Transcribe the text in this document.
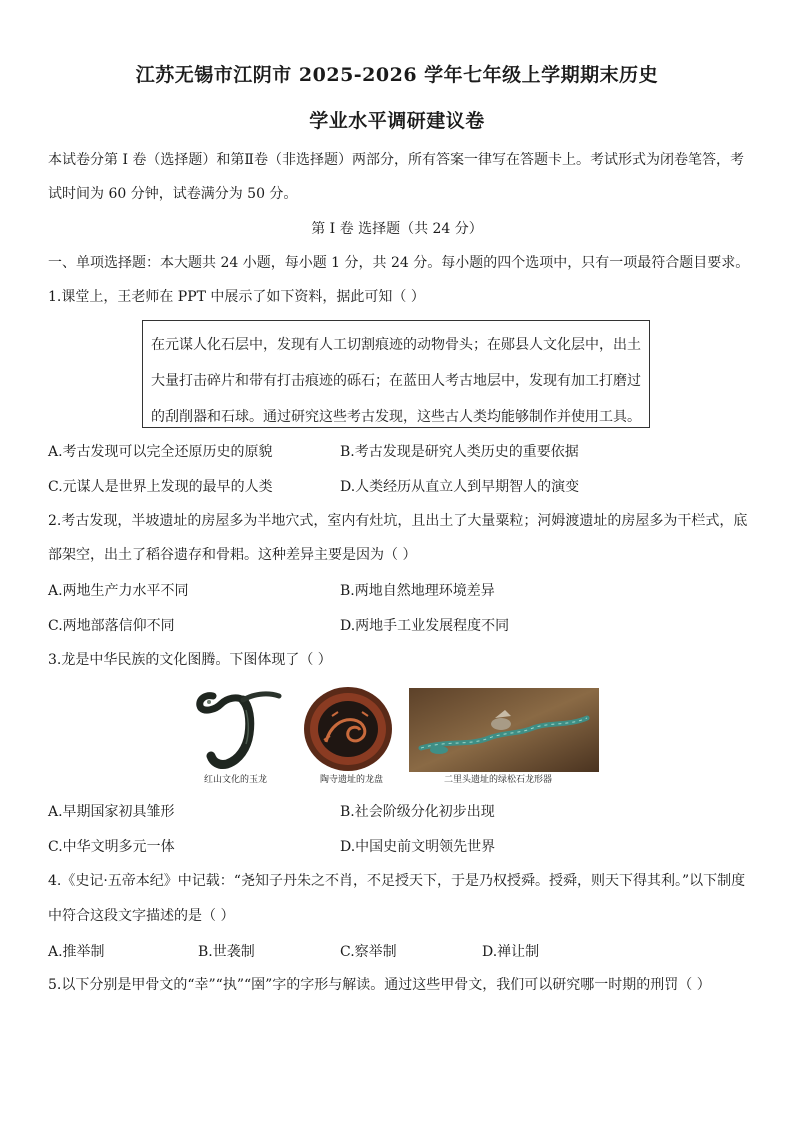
江苏无锡市江阴市 2025-2026 学年七年级上学期期末历史
学业水平调研建议卷
本试卷分第 I 卷（选择题）和第Ⅱ卷（非选择题）两部分，所有答案一律写在答题卡上。考试形式为闭卷笔答，考
试时间为 60 分钟，试卷满分为 50 分。
第 I 卷 选择题（共 24 分）
一、单项选择题：本大题共 24 小题，每小题 1 分，共 24 分。每小题的四个选项中，只有一项最符合题目要求。
1.课堂上，王老师在 PPT 中展示了如下资料，据此可知（ ）
在元谋人化石层中，发现有人工切割痕迹的动物骨头；在郧县人文化层中，出土
大量打击碎片和带有打击痕迹的砾石；在蓝田人考古地层中，发现有加工打磨过
的刮削器和石球。通过研究这些考古发现，这些古人类均能够制作并使用工具。
A.考古发现可以完全还原历史的原貌	B.考古发现是研究人类历史的重要依据
C.元谋人是世界上发现的最早的人类	D.人类经历从直立人到早期智人的演变
2.考古发现，半坡遗址的房屋多为半地穴式，室内有灶坑，且出土了大量粟粒；河姆渡遗址的房屋多为干栏式，底
部架空，出土了稻谷遗存和骨耜。这种差异主要是因为（ ）
A.两地生产力水平不同	B.两地自然地理环境差异
C.两地部落信仰不同	D.两地手工业发展程度不同
3.龙是中华民族的文化图腾。下图体现了（ ）
红山文化的玉龙	陶寺遗址的龙盘	二里头遗址的绿松石龙形器
A.早期国家初具雏形	B.社会阶级分化初步出现
C.中华文明多元一体	D.中国史前文明领先世界
4.《史记·五帝本纪》中记载：“尧知子丹朱之不肖，不足授天下，于是乃权授舜。授舜，则天下得其利。”以下制度
中符合这段文字描述的是（ ）
A.推举制	B.世袭制	C.察举制	D.禅让制
5.以下分别是甲骨文的“幸”“执”“圉”字的字形与解读。通过这些甲骨文，我们可以研究哪一时期的刑罚（ ）
